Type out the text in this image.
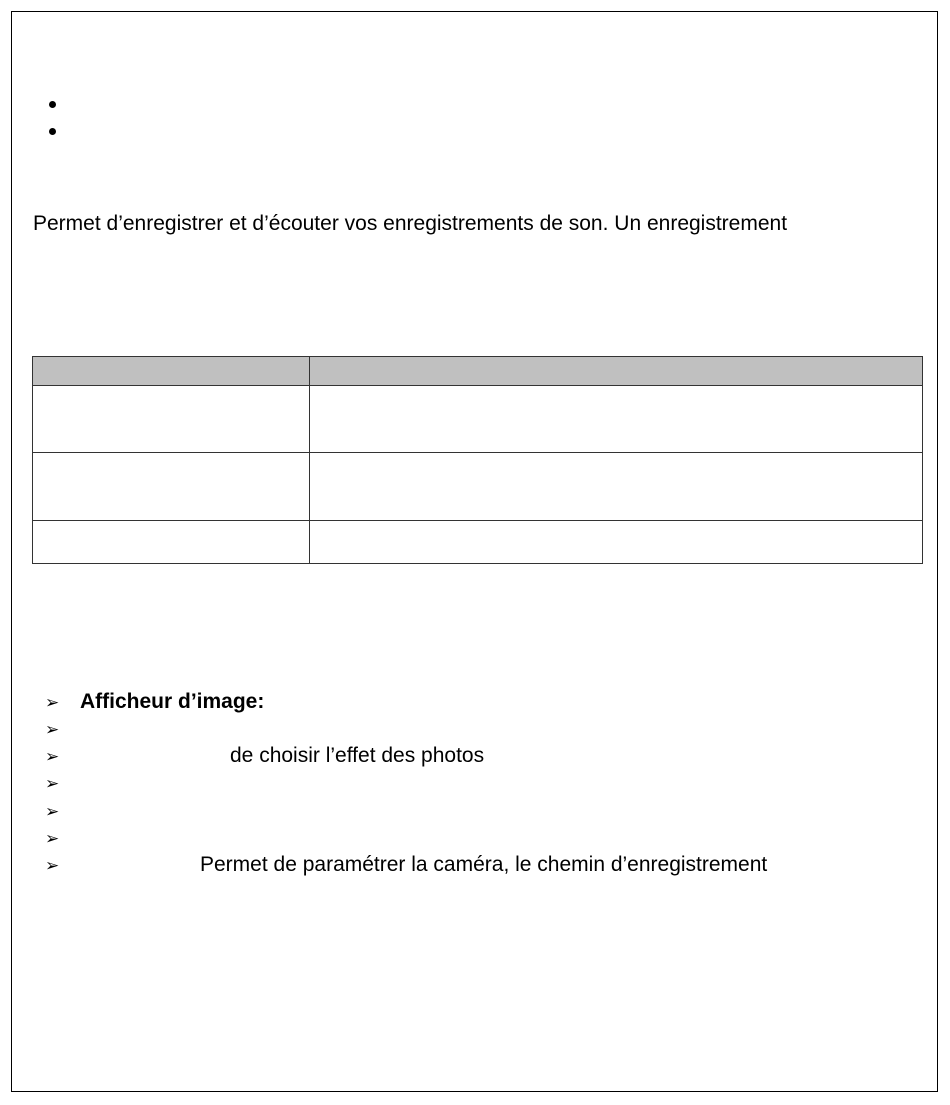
Permet d’enregistrer et d’écouter vos enregistrements de son. Un enregistrement

➢ Afficheur d’image:
➢
➢	de choisir l’effet des photos
➢
➢
➢
➢	Permet de paramétrer la caméra, le chemin d’enregistrement
